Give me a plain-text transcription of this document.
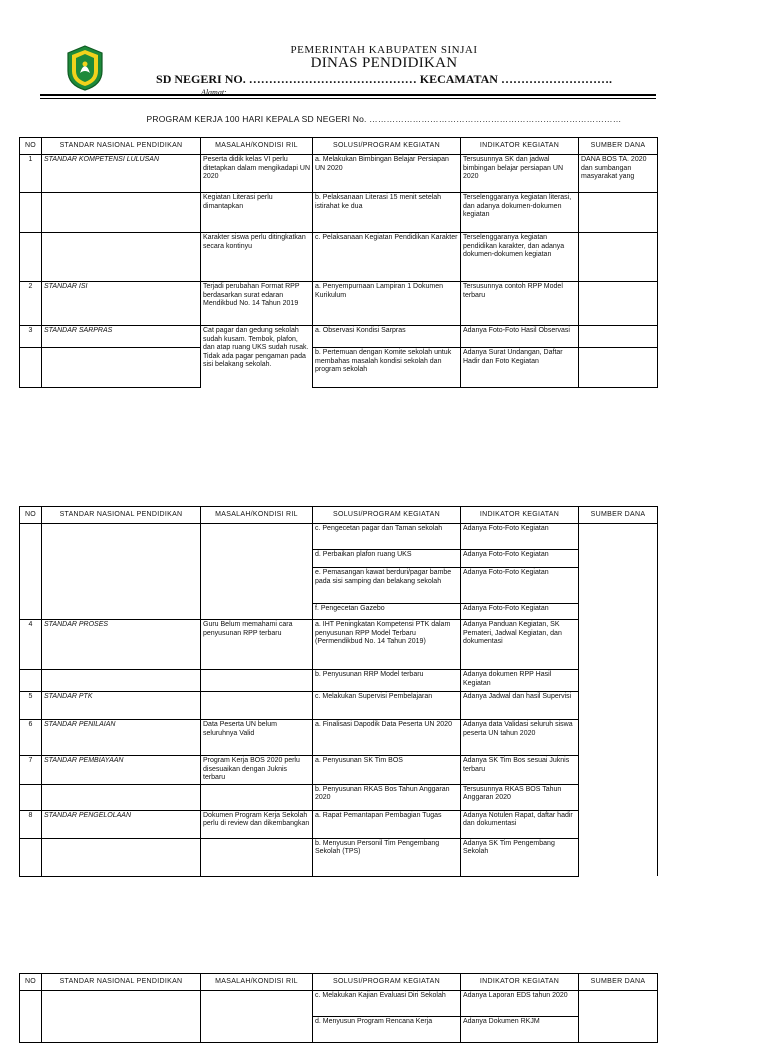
PEMERINTAH KABUPATEN SINJAI
DINAS PENDIDIKAN
SD NEGERI NO. …………………………………… KECAMATAN ……………………….
Alamat: ……………………………………………………………………………………………………………………………..
PROGRAM KERJA 100 HARI KEPALA SD NEGERI No. ……………………………………………………………………………
NO	STANDAR NASIONAL PENDIDIKAN	MASALAH/KONDISI RIL	SOLUSI/PROGRAM KEGIATAN	INDIKATOR KEGIATAN	SUMBER DANA
1	STANDAR KOMPETENSI LULUSAN	Peserta didik kelas VI perlu ditetapkan dalam mengikadapi UN 2020	a. Melakukan Bimbingan Belajar Persiapan UN 2020	Tersusunnya SK dan jadwal bimbingan belajar persiapan UN 2020	DANA BOS TA. 2020 dan sumbangan masyarakat yang
		Kegiatan Literasi perlu dimantapkan	b. Pelaksanaan Literasi 15 menit setelah istirahat ke dua	Terselenggaranya kegiatan literasi, dan adanya dokumen-dokumen kegiatan	
		Karakter siswa perlu ditingkatkan secara kontinyu	c. Pelaksanaan Kegiatan Pendidikan Karakter	Terselenggaranya kegiatan pendidikan karakter, dan adanya dokumen-dokumen kegiatan	
2	STANDAR ISI	Terjadi perubahan Format RPP berdasarkan surat edaran Mendikbud No. 14 Tahun 2019	a. Penyempurnaan Lampiran 1 Dokumen Kurikulum	Tersusunnya contoh RPP Model terbaru	
3	STANDAR SARPRAS	Cat pagar dan gedung sekolah sudah kusam. Tembok, plafon, dan atap ruang UKS sudah rusak. Tidak ada pagar pengaman pada sisi belakang sekolah.	a. Observasi Kondisi Sarpras	Adanya Foto-Foto Hasil Observasi	
			b. Pertemuan dengan Komite sekolah untuk membahas masalah kondisi sekolah dan program sekolah	Adanya Surat Undangan, Daftar Hadir dan Foto Kegiatan	
NO	STANDAR NASIONAL PENDIDIKAN	MASALAH/KONDISI RIL	SOLUSI/PROGRAM KEGIATAN	INDIKATOR KEGIATAN	SUMBER DANA
			c. Pengecetan pagar dan Taman sekolah	Adanya Foto-Foto Kegiatan	
			d. Perbaikan plafon ruang UKS	Adanya Foto-Foto Kegiatan	
			e. Pemasangan kawat berduri/pagar bambe pada sisi samping dan belakang sekolah	Adanya Foto-Foto Kegiatan	
			f. Pengecetan Gazebo	Adanya Foto-Foto Kegiatan	
4	STANDAR PROSES	Guru Belum memahami cara penyusunan RPP terbaru	a. IHT Peningkatan Kompetensi PTK dalam penyusunan RPP Model Terbaru (Permendikbud No. 14 Tahun 2019)	Adanya Panduan Kegiatan, SK Pemateri, Jadwal Kegiatan, dan dokumentasi	
			b. Penyusunan RRP Model terbaru	Adanya dokumen RPP Hasil Kegiatan	
5	STANDAR PTK		c. Melakukan Supervisi Pembelajaran	Adanya Jadwal dan hasil Supervisi	
6	STANDAR PENILAIAN	Data Peserta UN belum seluruhnya Valid	a. Finalisasi Dapodik Data Peserta UN 2020	Adanya data Validasi seluruh siswa peserta UN tahun 2020	
7	STANDAR PEMBIAYAAN	Program Kerja BOS 2020 perlu disesuaikan dengan Juknis terbaru	a. Penyusunan SK Tim BOS	Adanya SK Tim Bos sesuai Juknis terbaru	
			b. Penyusunan RKAS Bos Tahun Anggaran 2020	Tersusunnya RKAS BOS Tahun Anggaran 2020	
8	STANDAR PENGELOLAAN	Dokumen Program Kerja Sekolah perlu di review dan dikembangkan	a. Rapat Pemantapan Pembagian Tugas	Adanya Notulen Rapat, daftar hadir dan dokumentasi	
			b. Menyusun Personil Tim Pengembang Sekolah (TPS)	Adanya SK Tim Pengembang Sekolah	
NO	STANDAR NASIONAL PENDIDIKAN	MASALAH/KONDISI RIL	SOLUSI/PROGRAM KEGIATAN	INDIKATOR KEGIATAN	SUMBER DANA
			c. Melakukan Kajian Evaluasi Diri Sekolah	Adanya Laporan EDS tahun 2020	
			d. Menyusun Program Rencana Kerja	Adanya Dokumen RKJM	
